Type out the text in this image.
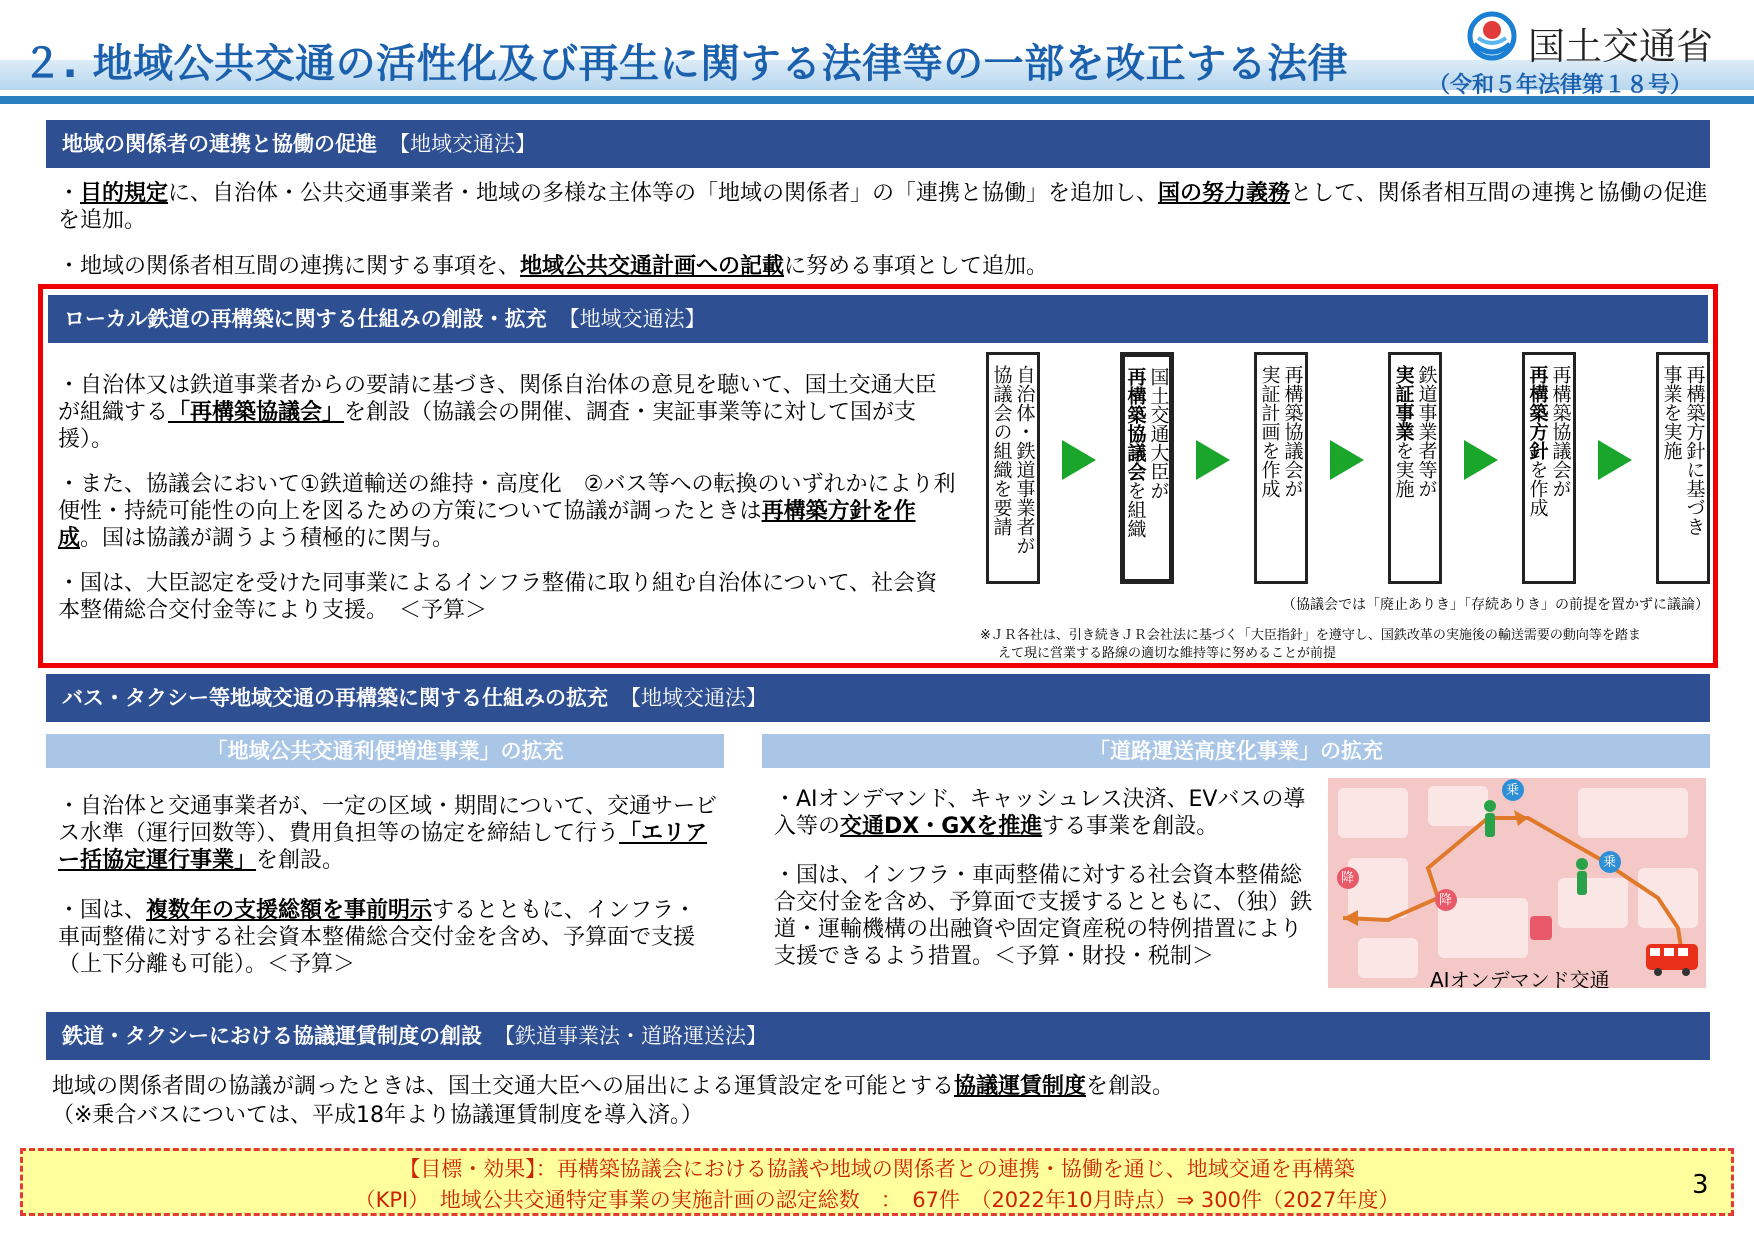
２. 地域公共交通の活性化及び再生に関する法律等の一部を改正する法律	（令和５年法律第１８号）
国土交通省
地域の関係者の連携と協働の促進 【地域交通法】
・目的規定に、自治体・公共交通事業者・地域の多様な主体等の「地域の関係者」の「連携と協働」を追加し、国の努力義務として、関係者相互間の連携と協働の促進を追加。
・地域の関係者相互間の連携に関する事項を、地域公共交通計画への記載に努める事項として追加。
ローカル鉄道の再構築に関する仕組みの創設・拡充 【地域交通法】
・自治体又は鉄道事業者からの要請に基づき、関係自治体の意見を聴いて、国土交通大臣が組織する「再構築協議会」を創設（協議会の開催、調査・実証事業等に対して国が支援）。
・また、協議会において①鉄道輸送の維持・高度化　②バス等への転換のいずれかにより利便性・持続可能性の向上を図るための方策について協議が調ったときは再構築方針を作成。国は協議が調うよう積極的に関与。
・国は、大臣認定を受けた同事業によるインフラ整備に取り組む自治体について、社会資本整備総合交付金等により支援。　＜予算＞
自治体・鉄道事業者が
協議会の組織を要請	国土交通大臣が
再構築協議会を組織
再構築協議会が
実証計画を作成	鉄道事業者等が
実証事業を実施	再構築協議会が
再構築方針を作成	再構築方針に基づき
事業を実施
（協議会では「廃止ありき」「存続ありき」の前提を置かずに議論）
※ＪＲ各社は、引き続きＪＲ会社法に基づく「大臣指針」を遵守し、国鉄改革の実施後の輸送需要の動向等を踏ま
えて現に営業する路線の適切な維持等に努めることが前提
バス・タクシー等地域交通の再構築に関する仕組みの拡充 【地域交通法】
「地域公共交通利便増進事業」の拡充	「道路運送高度化事業」の拡充
・自治体と交通事業者が、一定の区域・期間について、交通サービス水準（運行回数等）、費用負担等の協定を締結して行う「エリアー括協定運行事業」を創設。
・国は、複数年の支援総額を事前明示するとともに、インフラ・車両整備に対する社会資本整備総合交付金を含め、予算面で支援（上下分離も可能）。＜予算＞
・AIオンデマンド、キャッシュレス決済、EVバスの導入等の交通DX・GXを推進する事業を創設。
・国は、インフラ・車両整備に対する社会資本整備総合交付金を含め、予算面で支援するとともに、（独）鉄道・運輸機構の出融資や固定資産税の特例措置により支援できるよう措置。＜予算・財投・税制＞
乗
乗
降
降
AIオンデマンド交通
鉄道・タクシーにおける協議運賃制度の創設 【鉄道事業法・道路運送法】
地域の関係者間の協議が調ったときは、国土交通大臣への届出による運賃設定を可能とする協議運賃制度を創設。
（※乗合バスについては、平成18年より協議運賃制度を導入済。）
【目標・効果】：再構築協議会における協議や地域の関係者との連携・協働を通じ、地域交通を再構築
（KPI）　地域公共交通特定事業の実施計画の認定総数　：　67件　（2022年10月時点）⇒ 300件（2027年度）	3
